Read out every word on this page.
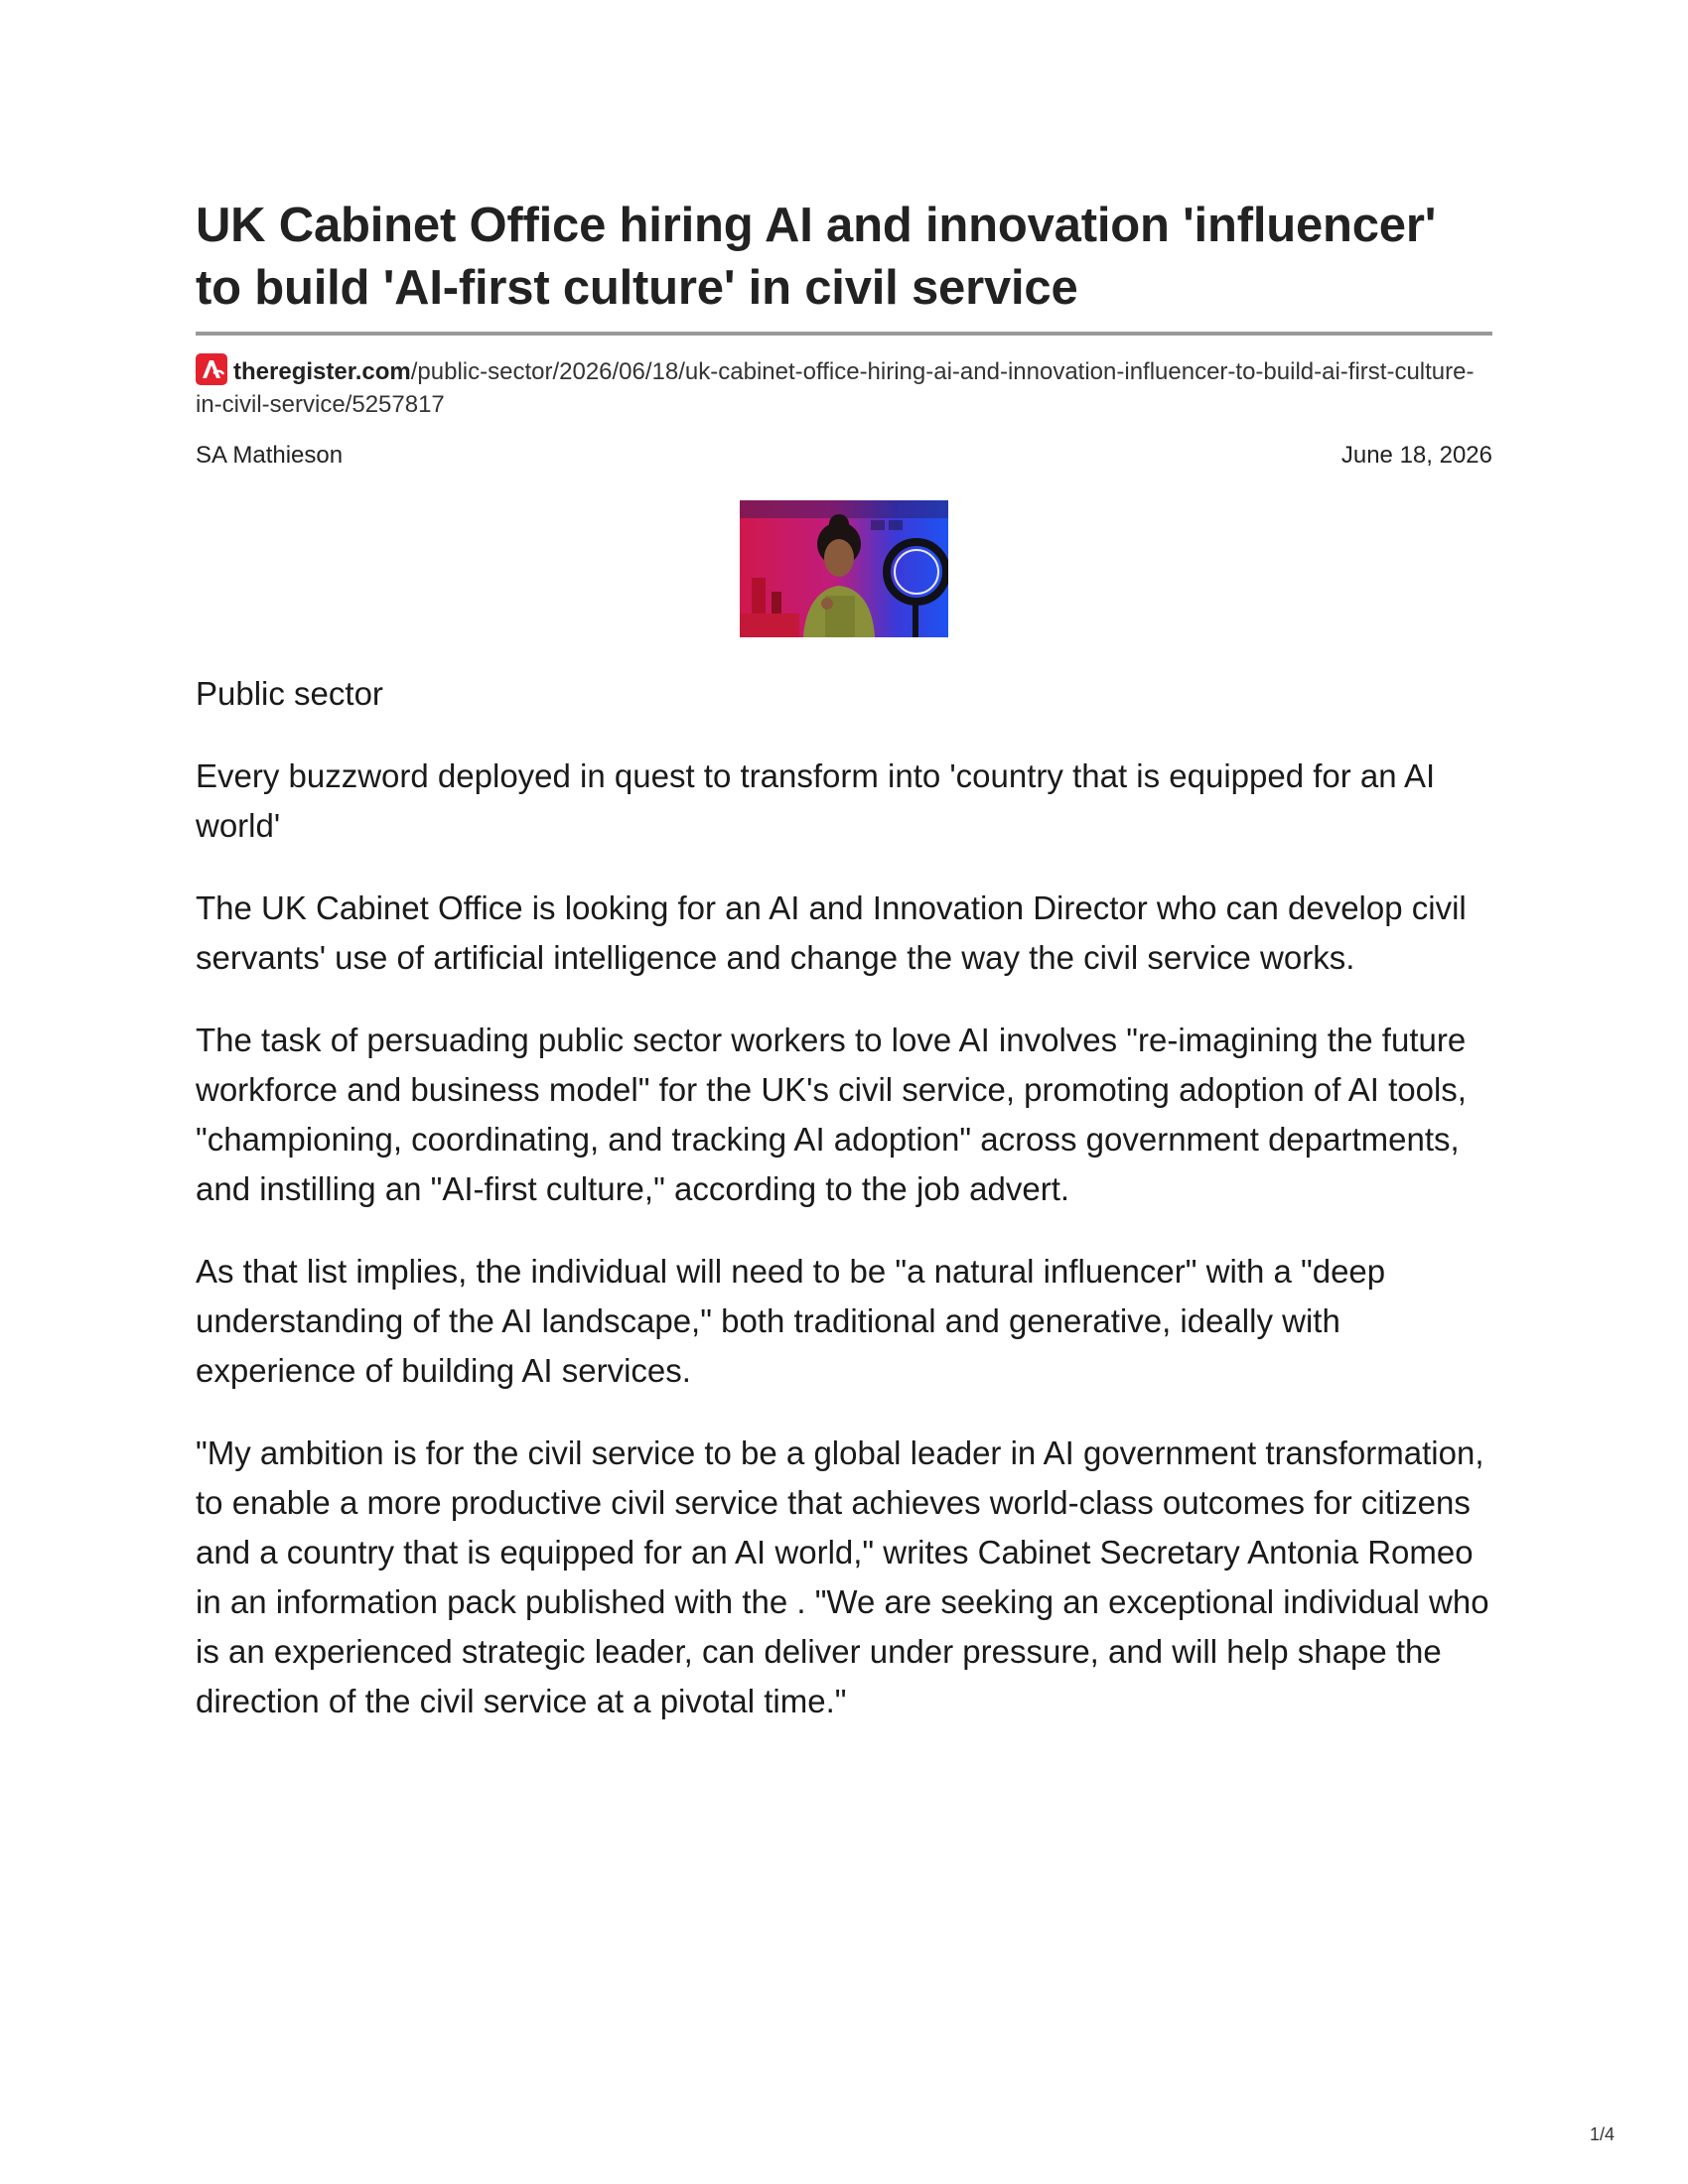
UK Cabinet Office hiring AI and innovation 'influencer' to build 'AI-first culture' in civil service
theregister.com/public-sector/2026/06/18/uk-cabinet-office-hiring-ai-and-innovation-influencer-to-build-ai-first-culture-in-civil-service/5257817
SA Mathieson	June 18, 2026

Public sector

Every buzzword deployed in quest to transform into 'country that is equipped for an AI world'

The UK Cabinet Office is looking for an AI and Innovation Director who can develop civil servants' use of artificial intelligence and change the way the civil service works.

The task of persuading public sector workers to love AI involves "re-imagining the future workforce and business model" for the UK's civil service, promoting adoption of AI tools, "championing, coordinating, and tracking AI adoption" across government departments, and instilling an "AI-first culture," according to the job advert.

As that list implies, the individual will need to be "a natural influencer" with a "deep understanding of the AI landscape," both traditional and generative, ideally with experience of building AI services.

"My ambition is for the civil service to be a global leader in AI government transformation, to enable a more productive civil service that achieves world-class outcomes for citizens and a country that is equipped for an AI world," writes Cabinet Secretary Antonia Romeo in an information pack published with the . "We are seeking an exceptional individual who is an experienced strategic leader, can deliver under pressure, and will help shape the direction of the civil service at a pivotal time."

1/4
